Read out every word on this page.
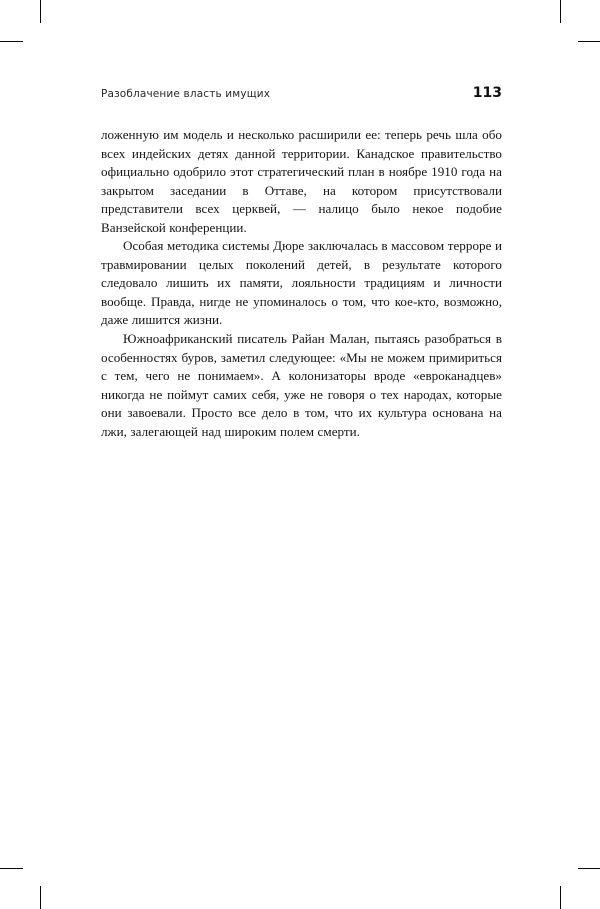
Разоблачение власть имущих	113

ложенную им модель и несколько расширили ее: теперь речь шла обо всех индейских детях данной территории. Канадское правительство официально одобрило этот стратегический план в ноябре 1910 года на закрытом заседании в Оттаве, на котором присутствовали представители всех церквей, — налицо было некое подобие Ванзейской конференции.

Особая методика системы Дюре заключалась в массовом терроре и травмировании целых поколений детей, в результате которого следовало лишить их памяти, лояльности традициям и личности вообще. Правда, нигде не упоминалось о том, что кое-кто, возможно, даже лишится жизни.

Южноафриканский писатель Райан Малан, пытаясь разобраться в особенностях буров, заметил следующее: «Мы не можем примириться с тем, чего не понимаем». А колонизаторы вроде «евроканадцев» никогда не поймут самих себя, уже не говоря о тех народах, которые они завоевали. Просто все дело в том, что их культура основана на лжи, залегающей над широким полем смерти.
